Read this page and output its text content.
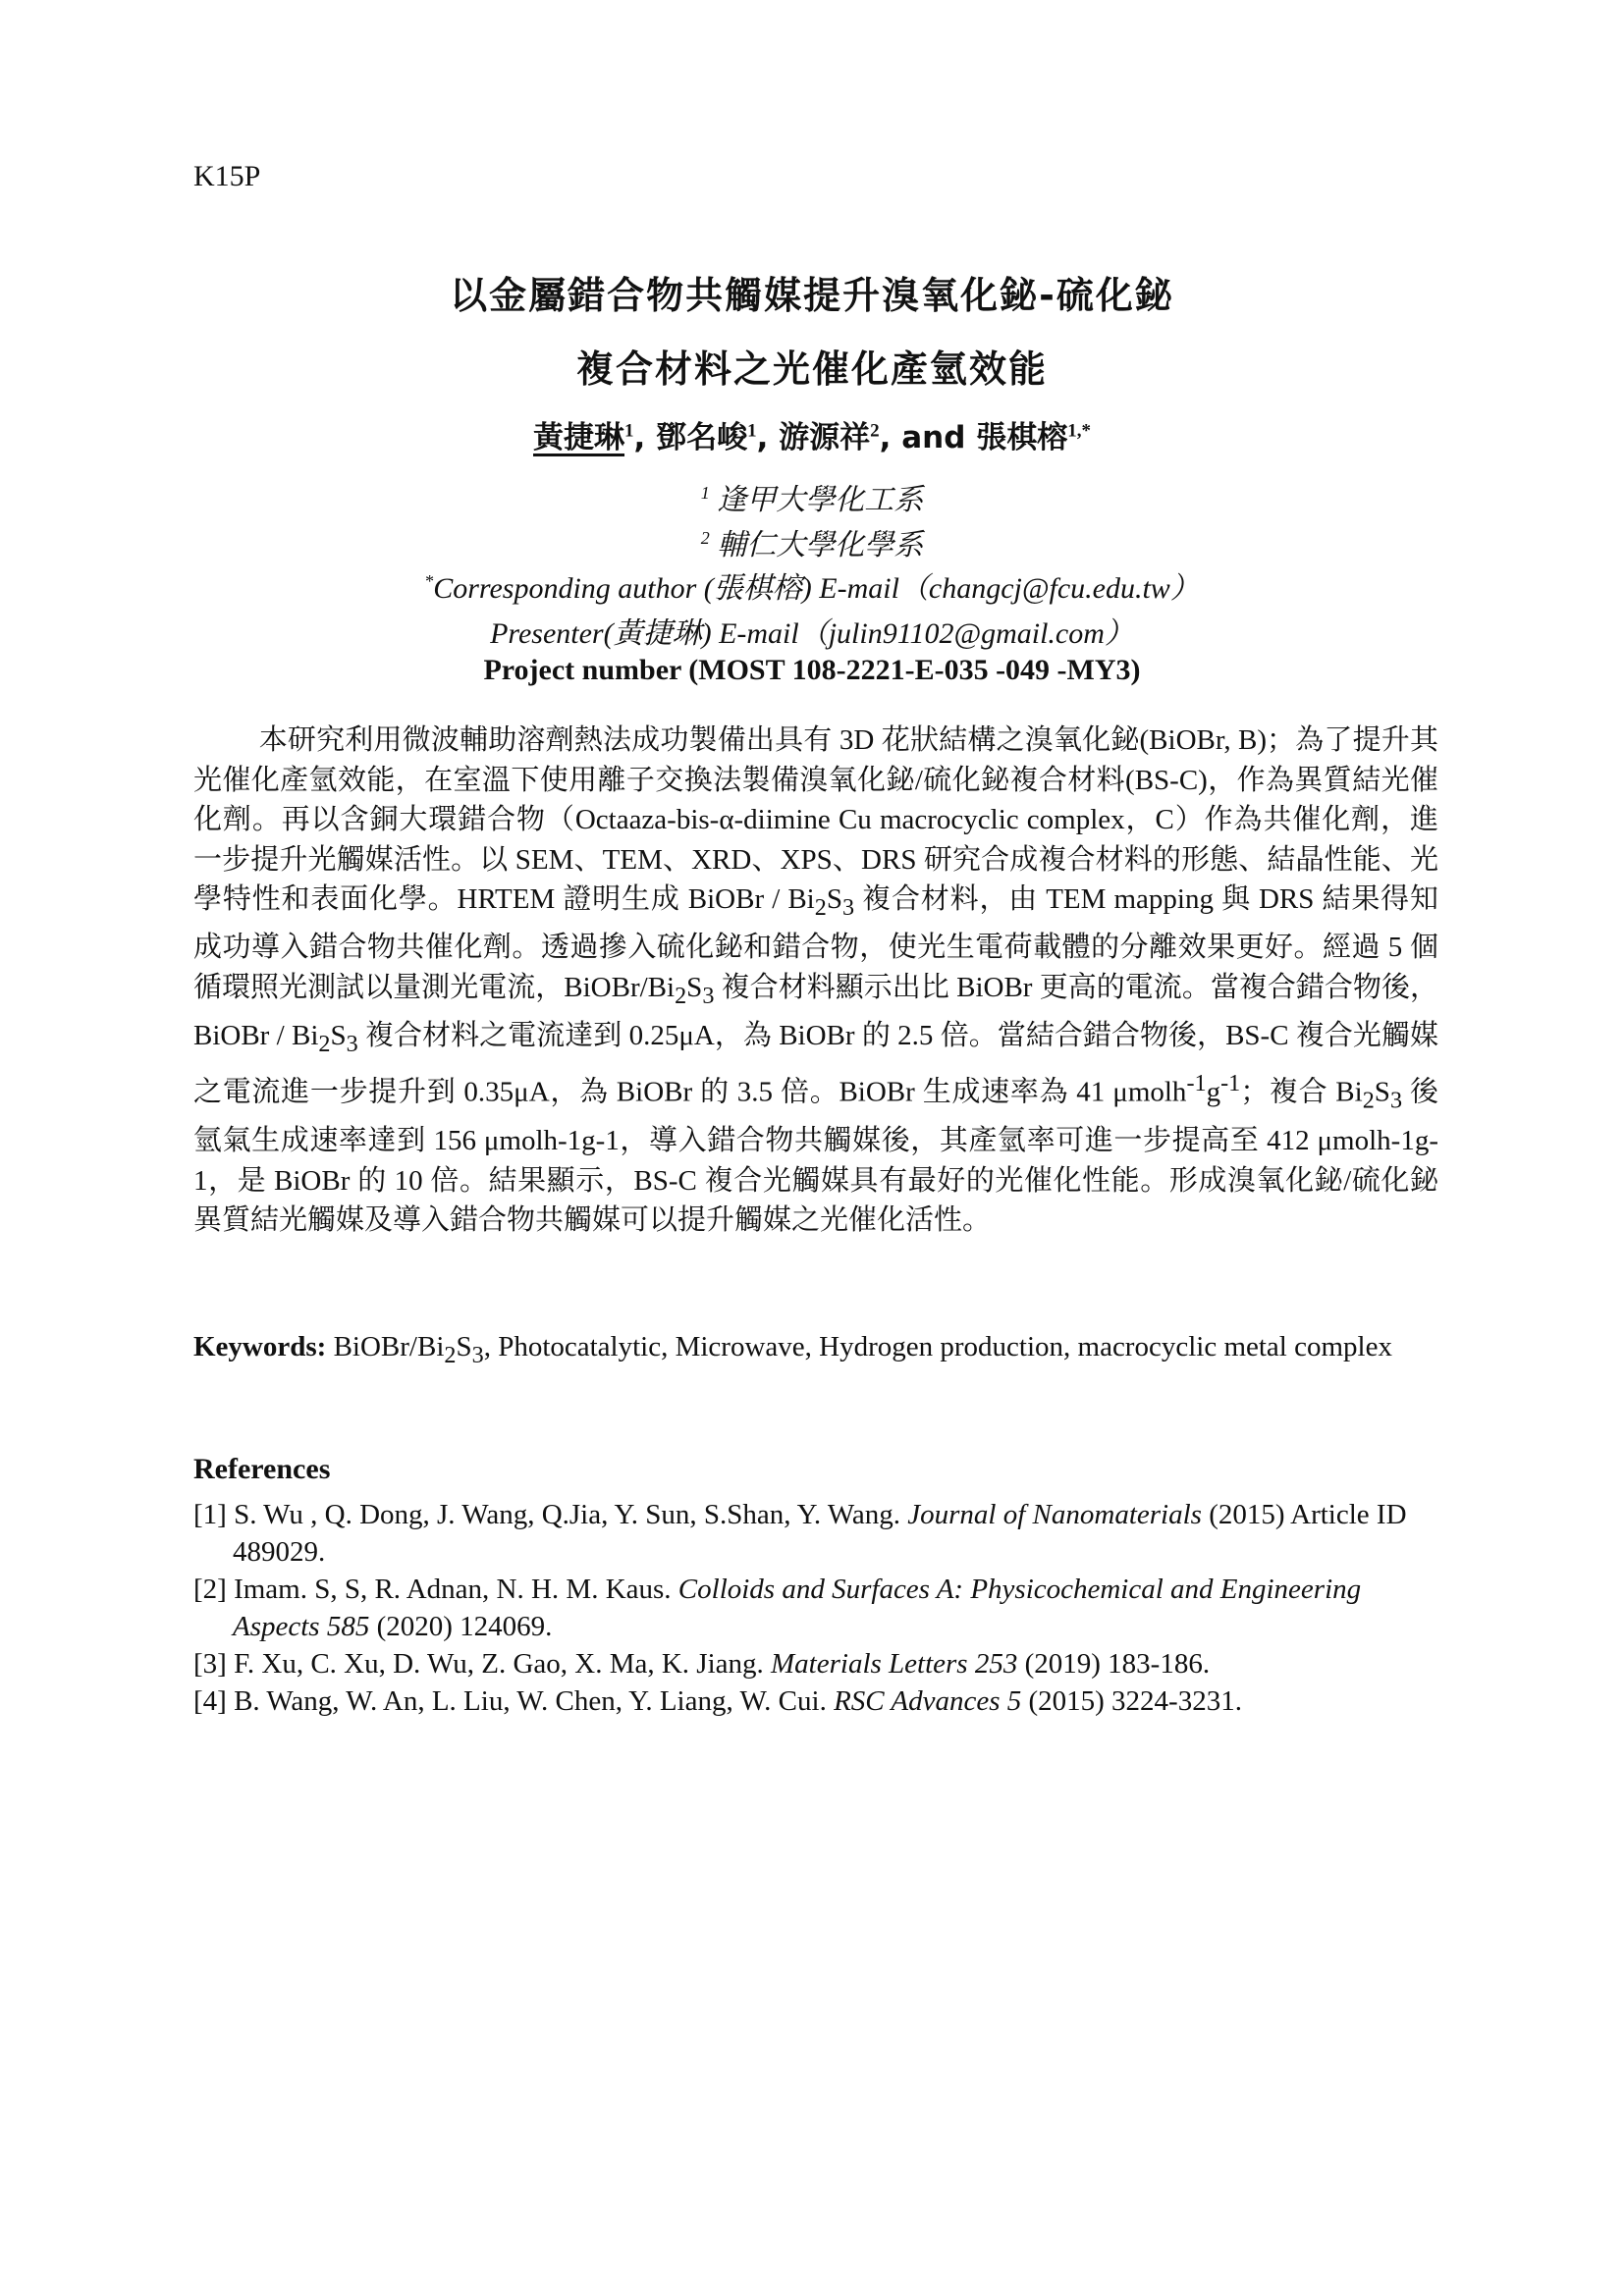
K15P
以金屬錯合物共觸媒提升溴氧化鉍-硫化鉍
複合材料之光催化產氫效能
黃捷琳$^1$, 鄧名峻$^1$, 游源祥$^2$, and 張棋榕$^{1,*}$
$^1$ 逢甲大學化工系
$^2$ 輔仁大學化學系
*Corresponding author (張棋榕) E-mail（changcj@fcu.edu.tw）
Presenter(黃捷琳) E-mail（julin91102@gmail.com）
Project number (MOST 108-2221-E-035 -049 -MY3)

本研究利用微波輔助溶劑熱法成功製備出具有 3D 花狀結構之溴氧化鉍(BiOBr, B)；為了提升其光催化產氫效能，在室溫下使用離子交換法製備溴氧化鉍/硫化鉍複合材料(BS-C)，作為異質結光催化劑。再以含銅大環錯合物（Octaaza-bis-α-diimine Cu macrocyclic complex，C）作為共催化劑，進一步提升光觸媒活性。以 SEM、TEM、XRD、XPS、DRS 研究合成複合材料的形態、結晶性能、光學特性和表面化學。HRTEM 證明生成 BiOBr / $Bi_2S_3$ 複合材料，由 TEM mapping 與 DRS 結果得知成功導入錯合物共催化劑。透過摻入硫化鉍和錯合物，使光生電荷載體的分離效果更好。經過 5 個循環照光測試以量測光電流，BiOBr/$Bi_2S_3$ 複合材料顯示出比 BiOBr 更高的電流。當複合錯合物後，BiOBr / $Bi_2S_3$ 複合材料之電流達到 0.25μA，為 BiOBr 的 2.5 倍。當結合錯合物後，BS-C 複合光觸媒之電流進一步提升到 0.35μA，為 BiOBr 的 3.5 倍。BiOBr 生成速率為 41 $\mu molh^{-1}g^{-1}$；複合 $Bi_2S_3$ 後氫氣生成速率達到 156 μmolh-1g-1，導入錯合物共觸媒後，其產氫率可進一步提高至 412 μmolh-1g-1，是 BiOBr 的 10 倍。結果顯示，BS-C 複合光觸媒具有最好的光催化性能。形成溴氧化鉍/硫化鉍異質結光觸媒及導入錯合物共觸媒可以提升觸媒之光催化活性。

Keywords: BiOBr/$Bi_2S_3$, Photocatalytic, Microwave, Hydrogen production, macrocyclic metal complex

References
[1] S. Wu , Q. Dong, J. Wang, Q.Jia, Y. Sun, S.Shan, Y. Wang. Journal of Nanomaterials (2015) Article ID 489029.
[2] Imam. S, S, R. Adnan, N. H. M. Kaus. Colloids and Surfaces A: Physicochemical and Engineering Aspects 585 (2020) 124069.
[3] F. Xu, C. Xu, D. Wu, Z. Gao, X. Ma, K. Jiang. Materials Letters 253 (2019) 183-186.
[4] B. Wang, W. An, L. Liu, W. Chen, Y. Liang, W. Cui. RSC Advances 5 (2015) 3224-3231.
